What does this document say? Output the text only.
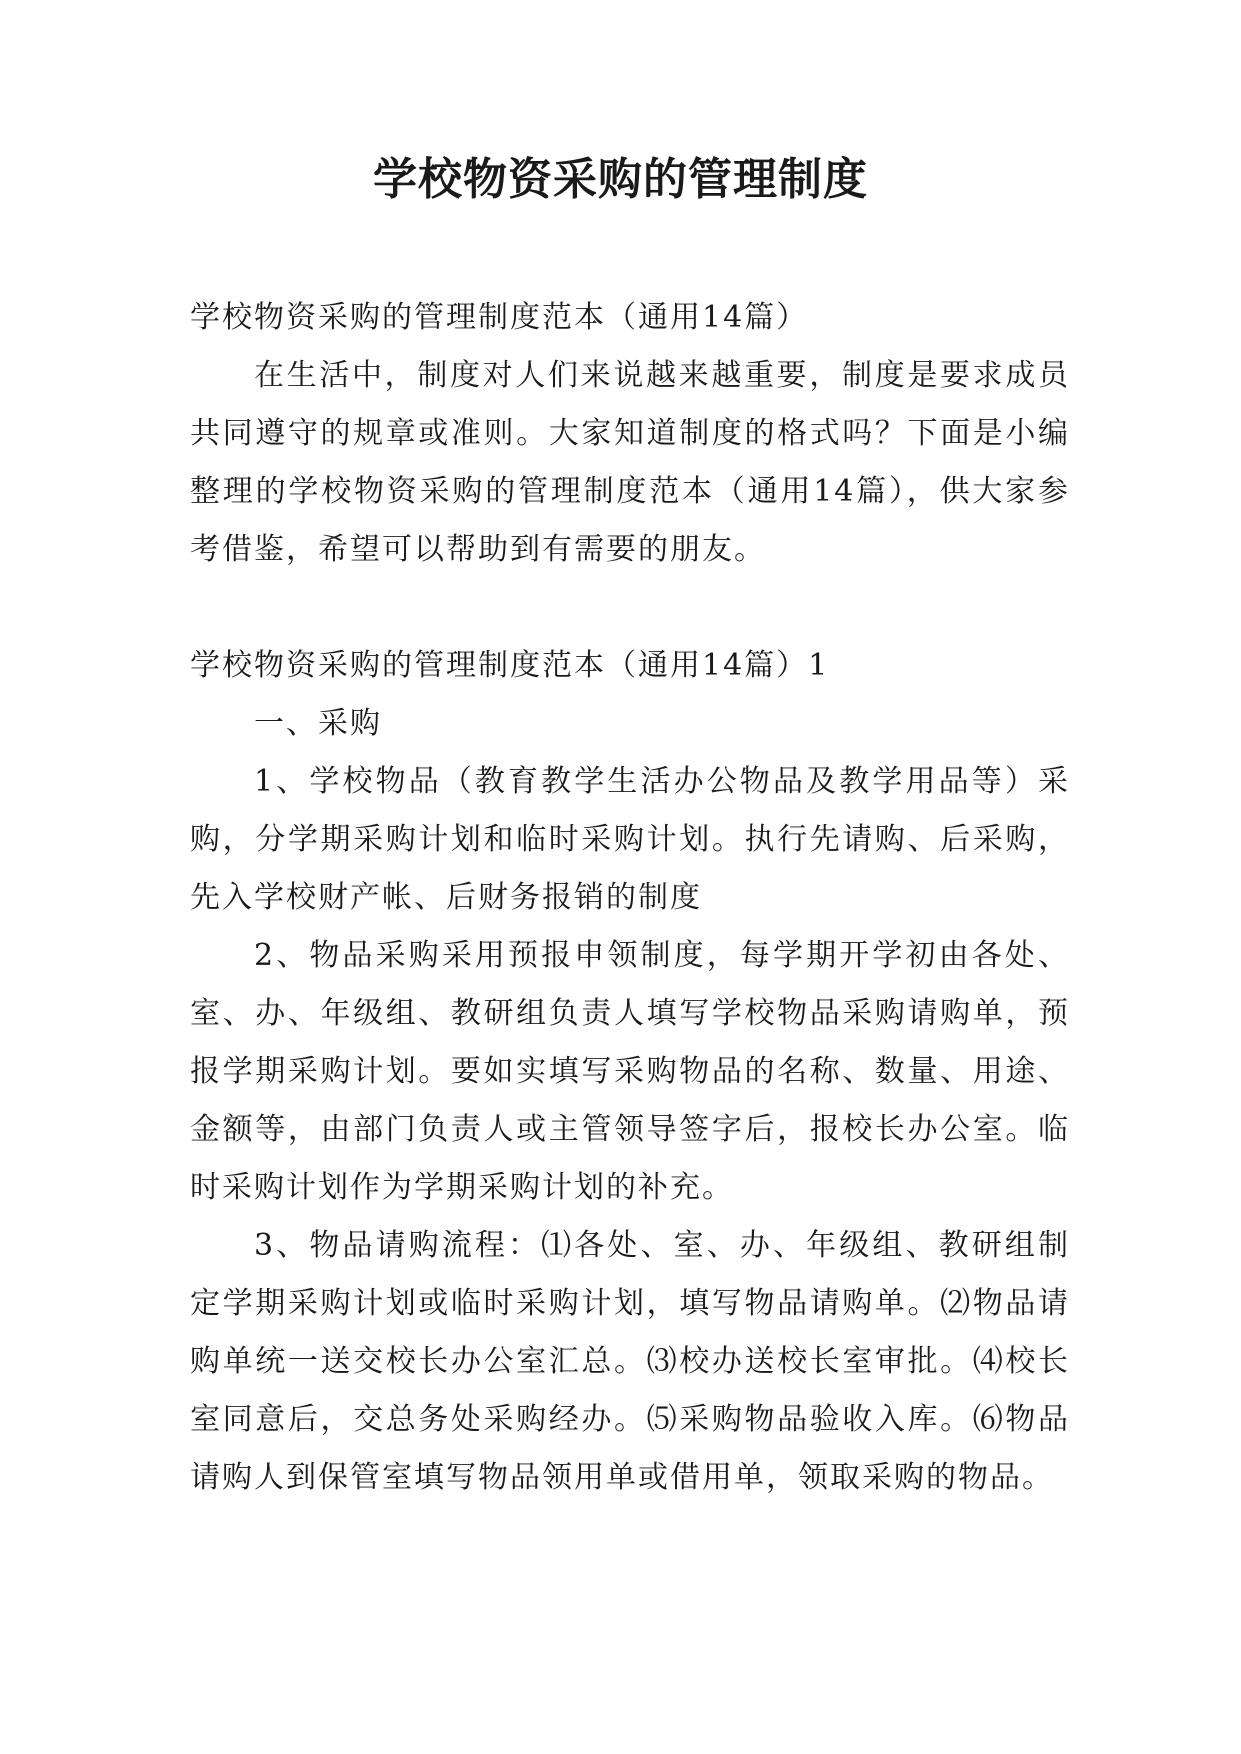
学校物资采购的管理制度

学校物资采购的管理制度范本（通用14篇）

在生活中，制度对人们来说越来越重要，制度是要求成员共同遵守的规章或准则。大家知道制度的格式吗？下面是小编整理的学校物资采购的管理制度范本（通用14篇），供大家参考借鉴，希望可以帮助到有需要的朋友。

学校物资采购的管理制度范本（通用14篇）1

一、采购

1、学校物品（教育教学生活办公物品及教学用品等）采购，分学期采购计划和临时采购计划。执行先请购、后采购，先入学校财产帐、后财务报销的制度

2、物品采购采用预报申领制度，每学期开学初由各处、室、办、年级组、教研组负责人填写学校物品采购请购单，预报学期采购计划。要如实填写采购物品的名称、数量、用途、金额等，由部门负责人或主管领导签字后，报校长办公室。临时采购计划作为学期采购计划的补充。

3、物品请购流程：⑴各处、室、办、年级组、教研组制定学期采购计划或临时采购计划，填写物品请购单。⑵物品请购单统一送交校长办公室汇总。⑶校办送校长室审批。⑷校长室同意后，交总务处采购经办。⑸采购物品验收入库。⑹物品请购人到保管室填写物品领用单或借用单，领取采购的物品。
